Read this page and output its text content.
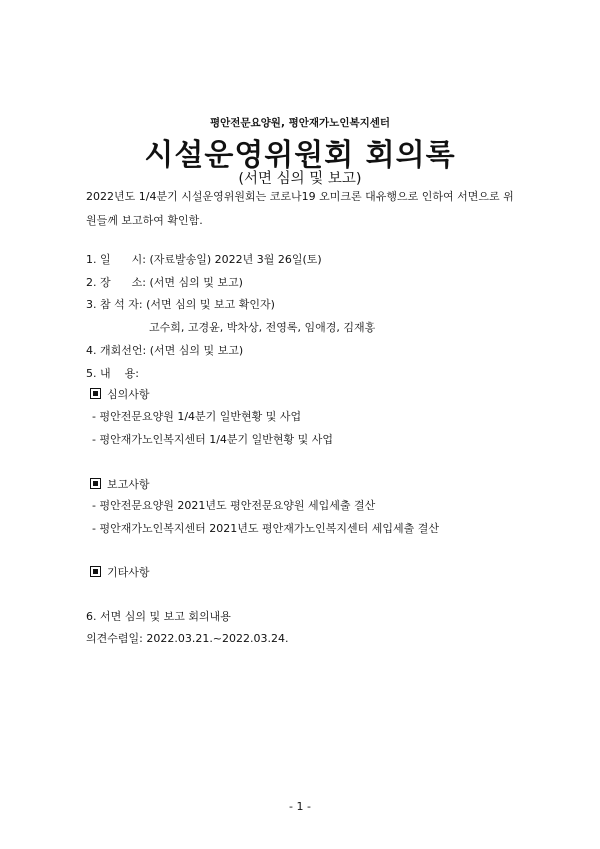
평안전문요양원, 평안재가노인복지센터
시설운영위원회 회의록
(서면 심의 및 보고)
2022년도 1/4분기 시설운영위원회는 코로나19 오미크론 대유행으로 인하여 서면으로 위
원들께 보고하여 확인함.
1. 일      시: (자료발송일) 2022년 3월 26일(토)
2. 장      소: (서면 심의 및 보고)
3. 참 석 자: (서면 심의 및 보고 확인자)
고수희, 고경윤, 박차상, 전영록, 임애경, 김재홍
4. 개회선언: (서면 심의 및 보고)
5. 내    용:
심의사항
- 평안전문요양원 1/4분기 일반현황 및 사업
- 평안재가노인복지센터 1/4분기 일반현황 및 사업
보고사항
- 평안전문요양원 2021년도 평안전문요양원 세입세출 결산
- 평안재가노인복지센터 2021년도 평안재가노인복지센터 세입세출 결산
기타사항
6. 서면 심의 및 보고 회의내용
의견수렴일: 2022.03.21.~2022.03.24.
- 1 -
